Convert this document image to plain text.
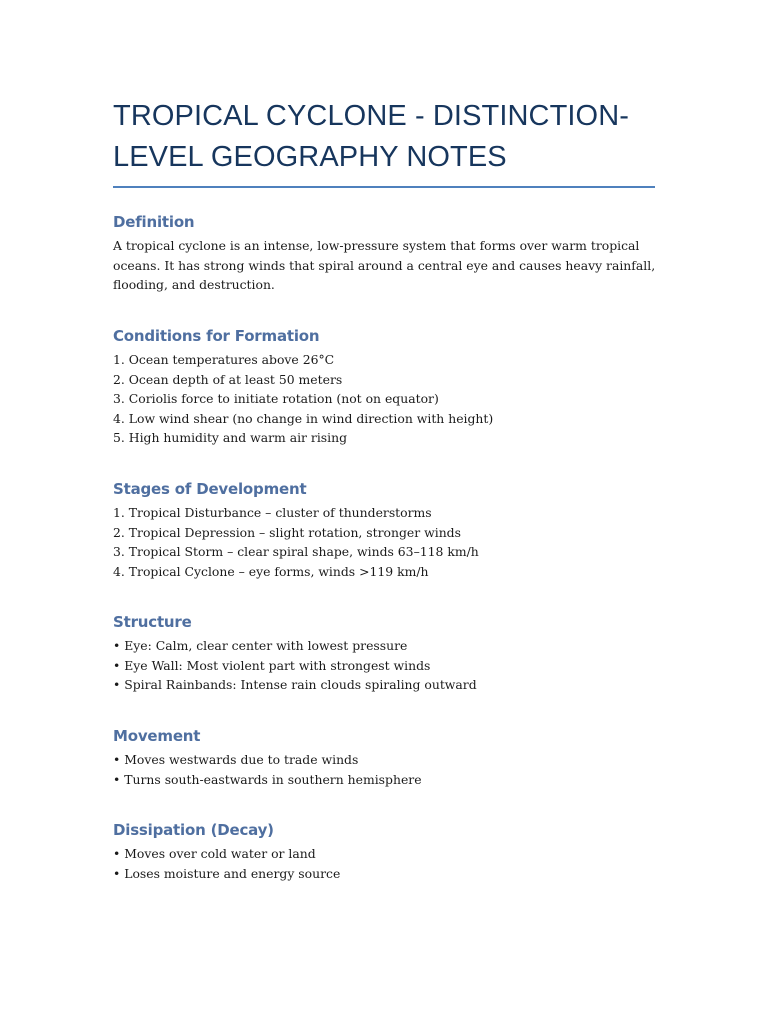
TROPICAL CYCLONE - DISTINCTION-LEVEL GEOGRAPHY NOTES
Definition

A tropical cyclone is an intense, low-pressure system that forms over warm tropical oceans. It has strong winds that spiral around a central eye and causes heavy rainfall, flooding, and destruction.

Conditions for Formation
1. Ocean temperatures above 26°C
2. Ocean depth of at least 50 meters
3. Coriolis force to initiate rotation (not on equator)
4. Low wind shear (no change in wind direction with height)
5. High humidity and warm air rising
Stages of Development
1. Tropical Disturbance – cluster of thunderstorms
2. Tropical Depression – slight rotation, stronger winds
3. Tropical Storm – clear spiral shape, winds 63–118 km/h
4. Tropical Cyclone – eye forms, winds >119 km/h
Structure
• Eye: Calm, clear center with lowest pressure
• Eye Wall: Most violent part with strongest winds
• Spiral Rainbands: Intense rain clouds spiraling outward
Movement
• Moves westwards due to trade winds
• Turns south-eastwards in southern hemisphere
Dissipation (Decay)
• Moves over cold water or land
• Loses moisture and energy source
